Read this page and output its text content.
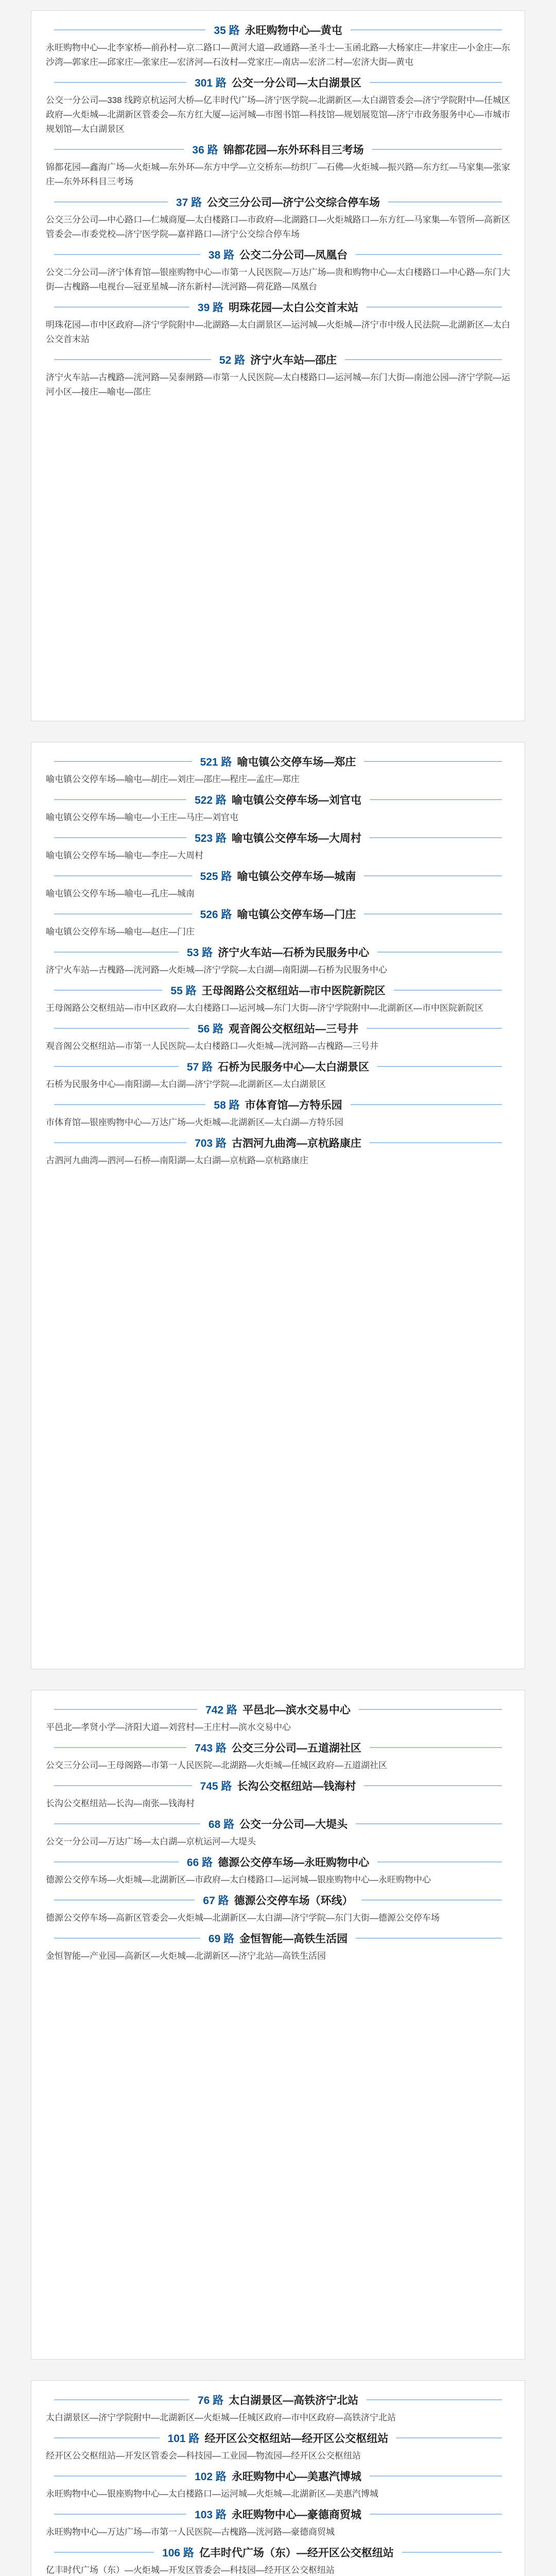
35 路 永旺购物中心—黄屯
永旺购物中心—北李家桥—前孙村—京二路口—黄河大道—政通路—圣斗士—玉函北路—大杨家庄—井家庄—小金庄—东沙湾—郭家庄—邱家庄—张家庄—宏济河—石汝村—党家庄—南店—宏济二村—宏济大街—黄屯
301 路 公交一分公司—太白湖景区
公交一分公司—338 线跨京杭运河大桥—亿丰时代广场—济宁医学院—北湖新区—太白湖管委会—济宁学院附中—任城区政府—火炬城—北湖新区管委会—东方红大厦—运河城—市图书馆—科技馆—规划展览馆—济宁市政务服务中心—市城市规划馆—太白湖景区
36 路 锦都花园—东外环科目三考场
锦都花园—鑫海广场—火炬城—东外环—东方中学—立交桥东—纺织厂—石佛—火炬城—振兴路—东方红—马家集—张家庄—东外环科目三考场
37 路 公交三分公司—济宁公交综合停车场
公交三分公司—中心路口—仁城商厦—太白楼路口—市政府—北湖路口—火炬城路口—东方红—马家集—车管所—高新区管委会—市委党校—济宁医学院—嘉祥路口—济宁公交综合停车场
38 路 公交二分公司—凤凰台
公交二分公司—济宁体育馆—银座购物中心—市第一人民医院—万达广场—贵和购物中心—太白楼路口—中心路—东门大街—古槐路—电视台—冠亚星城—济东新村—洸河路—荷花路—凤凰台
39 路 明珠花园—太白公交首末站
明珠花园—市中区政府—济宁学院附中—北湖路—太白湖景区—运河城—火炬城—济宁市中级人民法院—北湖新区—太白公交首末站
52 路 济宁火车站—邵庄
济宁火车站—古槐路—洸河路—吴泰闸路—市第一人民医院—太白楼路口—运河城—东门大街—南池公园—济宁学院—运河小区—接庄—喻屯—邵庄
521 路 喻屯镇公交停车场—郑庄
喻屯镇公交停车场—喻屯—胡庄—刘庄—邵庄—程庄—孟庄—郑庄
522 路 喻屯镇公交停车场—刘官屯
喻屯镇公交停车场—喻屯—小王庄—马庄—刘官屯
523 路 喻屯镇公交停车场—大周村
喻屯镇公交停车场—喻屯—李庄—大周村
525 路 喻屯镇公交停车场—城南
喻屯镇公交停车场—喻屯—孔庄—城南
526 路 喻屯镇公交停车场—门庄
喻屯镇公交停车场—喻屯—赵庄—门庄
53 路 济宁火车站—石桥为民服务中心
济宁火车站—古槐路—洸河路—火炬城—济宁学院—太白湖—南阳湖—石桥为民服务中心
55 路 王母阁路公交枢纽站—市中医院新院区
王母阁路公交枢纽站—市中区政府—太白楼路口—运河城—东门大街—济宁学院附中—北湖新区—市中医院新院区
56 路 观音阁公交枢纽站—三号井
观音阁公交枢纽站—市第一人民医院—太白楼路口—火炬城—洸河路—古槐路—三号井
57 路 石桥为民服务中心—太白湖景区
石桥为民服务中心—南阳湖—太白湖—济宁学院—北湖新区—太白湖景区
58 路 市体育馆—方特乐园
市体育馆—银座购物中心—万达广场—火炬城—北湖新区—太白湖—方特乐园
703 路 古泗河九曲湾—京杭路康庄
古泗河九曲湾—泗河—石桥—南阳湖—太白湖—京杭路—京杭路康庄
742 路 平邑北—滨水交易中心
平邑北—孝贤小学—济阳大道—刘营村—王庄村—滨水交易中心
743 路 公交三分公司—五道湖社区
公交三分公司—王母阁路—市第一人民医院—北湖路—火炬城—任城区政府—五道湖社区
745 路 长沟公交枢纽站—钱海村
长沟公交枢纽站—长沟—南张—钱海村
68 路 公交一分公司—大堤头
公交一分公司—万达广场—太白湖—京杭运河—大堤头
66 路 德源公交停车场—永旺购物中心
德源公交停车场—火炬城—北湖新区—市政府—太白楼路口—运河城—银座购物中心—永旺购物中心
67 路 德源公交停车场（环线）
德源公交停车场—高新区管委会—火炬城—北湖新区—太白湖—济宁学院—东门大街—德源公交停车场
69 路 金恒智能—高铁生活园
金恒智能—产业园—高新区—火炬城—北湖新区—济宁北站—高铁生活园
76 路 太白湖景区—高铁济宁北站
太白湖景区—济宁学院附中—北湖新区—火炬城—任城区政府—市中区政府—高铁济宁北站
101 路 经开区公交枢纽站—经开区公交枢纽站
经开区公交枢纽站—开发区管委会—科技园—工业园—物流园—经开区公交枢纽站
102 路 永旺购物中心—美惠汽博城
永旺购物中心—银座购物中心—太白楼路口—运河城—火炬城—北湖新区—美惠汽博城
103 路 永旺购物中心—豪德商贸城
永旺购物中心—万达广场—市第一人民医院—古槐路—洸河路—豪德商贸城
106 路 亿丰时代广场（东）—经开区公交枢纽站
亿丰时代广场（东）—火炬城—开发区管委会—科技园—经开区公交枢纽站
